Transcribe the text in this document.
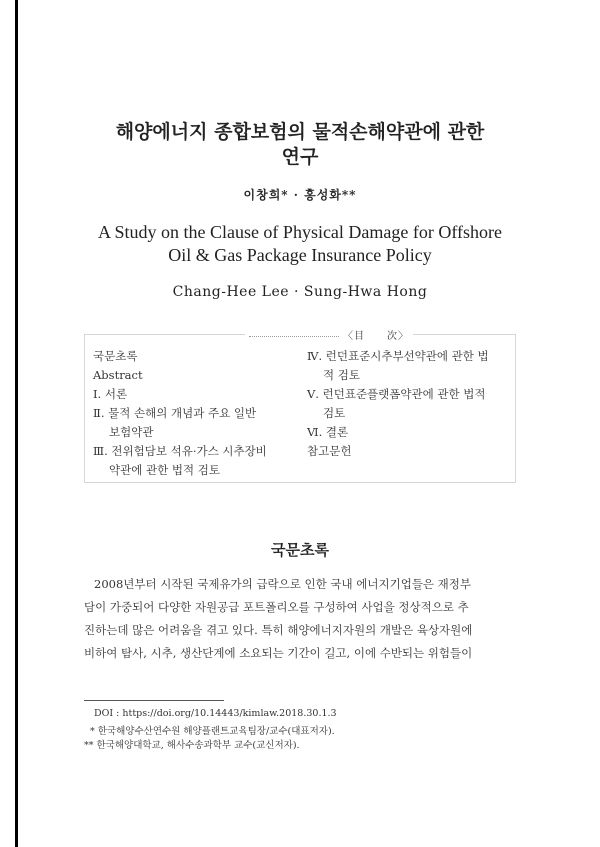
해양에너지 종합보험의 물적손해약관에 관한
연구
이창희* · 홍성화**
A Study on the Clause of Physical Damage for Offshore
Oil & Gas Package Insurance Policy
Chang-Hee Lee · Sung-Hwa Hong
〈目　　次〉
국문초록
Abstract
Ⅰ. 서론
Ⅱ. 물적 손해의 개념과 주요 일반
보험약관
Ⅲ. 전위험담보 석유·가스 시추장비
약관에 관한 법적 검토
Ⅳ. 런던표준시추부선약관에 관한 법
적 검토
Ⅴ. 런던표준플랫폼약관에 관한 법적
검토
Ⅵ. 결론
참고문헌
국문초록
2008년부터 시작된 국제유가의 급락으로 인한 국내 에너지기업들은 재정부
담이 가중되어 다양한 자원공급 포트폴리오를 구성하여 사업을 정상적으로 추
진하는데 많은 어려움을 겪고 있다. 특히 해양에너지자원의 개발은 육상자원에
비하여 탐사, 시추, 생산단계에 소요되는 기간이 길고, 이에 수반되는 위험들이
DOI : https://doi.org/10.14443/kimlaw.2018.30.1.3
* 한국해양수산연수원 해양플랜트교육팀장/교수(대표저자).
** 한국해양대학교, 해사수송과학부 교수(교신저자).
